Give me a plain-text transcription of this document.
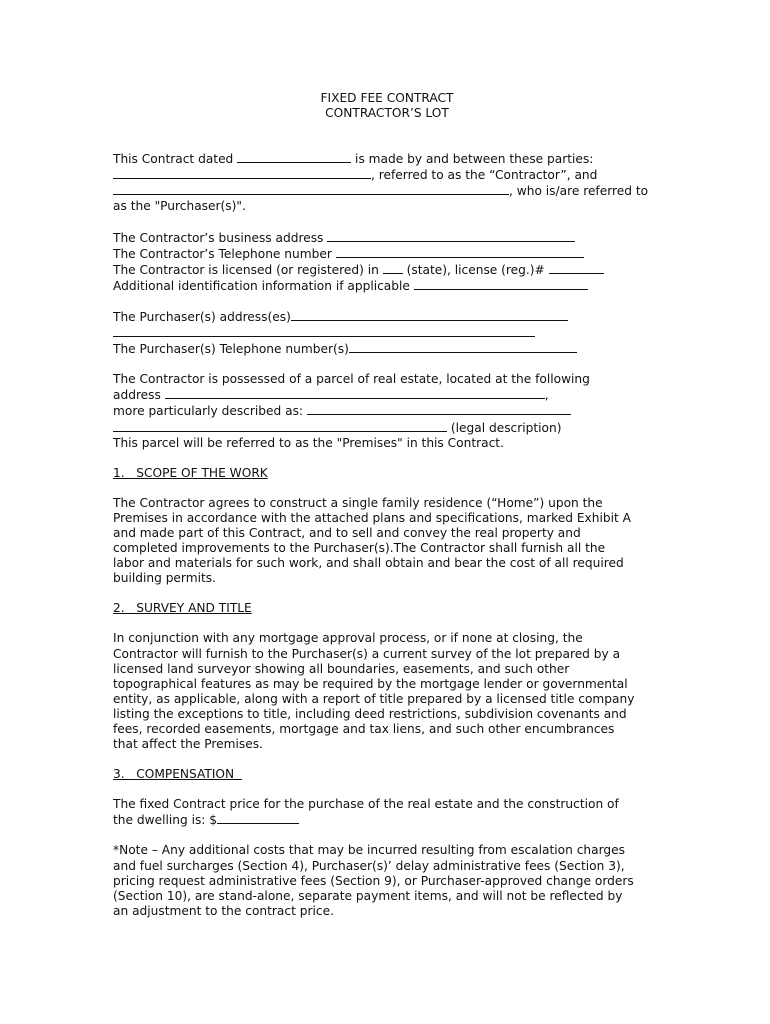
FIXED FEE CONTRACT
CONTRACTOR’S LOT
This Contract dated	is made by and between these parties:
, referred to as the “Contractor”, and
, who is/are referred to
as the "Purchaser(s)".
The Contractor’s business address
The Contractor’s Telephone number
The Contractor is licensed (or registered) in  (state), license (reg.)#
Additional identification information if applicable
The Purchaser(s) address(es)
The Purchaser(s) Telephone number(s)
The Contractor is possessed of a parcel of real estate, located at the following
address	,
more particularly described as:
(legal description)
This parcel will be referred to as the "Premises" in this Contract.
1.   SCOPE OF THE WORK
The Contractor agrees to construct a single family residence (“Home”) upon the
Premises in accordance with the attached plans and specifications, marked Exhibit A
and made part of this Contract, and to sell and convey the real property and
completed improvements to the Purchaser(s).The Contractor shall furnish all the
labor and materials for such work, and shall obtain and bear the cost of all required
building permits.
2.   SURVEY AND TITLE
In conjunction with any mortgage approval process, or if none at closing, the
Contractor will furnish to the Purchaser(s) a current survey of the lot prepared by a
licensed land surveyor showing all boundaries, easements, and such other
topographical features as may be required by the mortgage lender or governmental
entity, as applicable, along with a report of title prepared by a licensed title company
listing the exceptions to title, including deed restrictions, subdivision covenants and
fees, recorded easements, mortgage and tax liens, and such other encumbrances
that affect the Premises.
3.   COMPENSATION
The fixed Contract price for the purchase of the real estate and the construction of
the dwelling is: $
*Note – Any additional costs that may be incurred resulting from escalation charges
and fuel surcharges (Section 4), Purchaser(s)’ delay administrative fees (Section 3),
pricing request administrative fees (Section 9), or Purchaser-approved change orders
(Section 10), are stand-alone, separate payment items, and will not be reflected by
an adjustment to the contract price.
